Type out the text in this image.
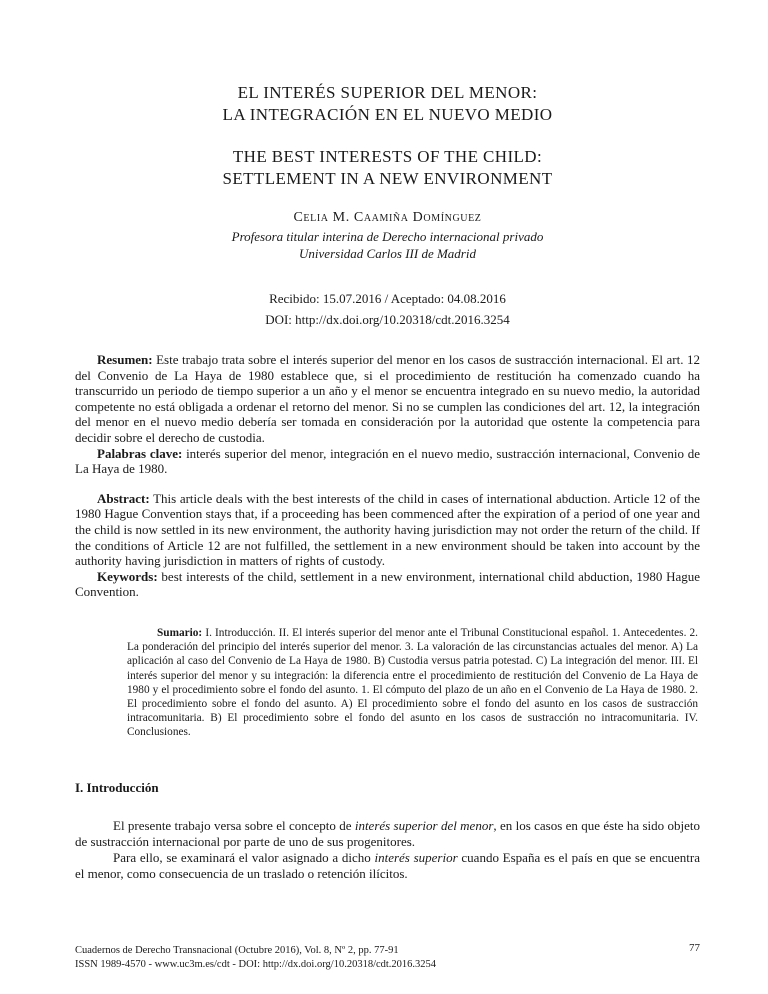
EL INTERÉS SUPERIOR DEL MENOR:
LA INTEGRACIÓN EN EL NUEVO MEDIO
THE BEST INTERESTS OF THE CHILD:
SETTLEMENT IN A NEW ENVIRONMENT
Celia M. Caamiña Domínguez
Profesora titular interina de Derecho internacional privado
Universidad Carlos III de Madrid
Recibido: 15.07.2016 / Aceptado: 04.08.2016
DOI: http://dx.doi.org/10.20318/cdt.2016.3254

Resumen: Este trabajo trata sobre el interés superior del menor en los casos de sustracción internacional. El art. 12 del Convenio de La Haya de 1980 establece que, si el procedimiento de restitución ha comenzado cuando ha transcurrido un periodo de tiempo superior a un año y el menor se encuentra integrado en su nuevo medio, la autoridad competente no está obligada a ordenar el retorno del menor. Si no se cumplen las condiciones del art. 12, la integración del menor en el nuevo medio debería ser tomada en consideración por la autoridad que ostente la competencia para decidir sobre el derecho de custodia.

Palabras clave: interés superior del menor, integración en el nuevo medio, sustracción internacional, Convenio de La Haya de 1980.

Abstract: This article deals with the best interests of the child in cases of international abduction. Article 12 of the 1980 Hague Convention stays that, if a proceeding has been commenced after the expiration of a period of one year and the child is now settled in its new environment, the authority having jurisdiction may not order the return of the child. If the conditions of Article 12 are not fulfilled, the settlement in a new environment should be taken into account by the authority having jurisdiction in matters of rights of custody.

Keywords: best interests of the child, settlement in a new environment, international child abduction, 1980 Hague Convention.

Sumario: I. Introducción. II. El interés superior del menor ante el Tribunal Constitucional español. 1. Antecedentes. 2. La ponderación del principio del interés superior del menor. 3. La valoración de las circunstancias actuales del menor. A) La aplicación al caso del Convenio de La Haya de 1980. B) Custodia versus patria potestad. C) La integración del menor. III. El interés superior del menor y su integración: la diferencia entre el procedimiento de restitución del Convenio de La Haya de 1980 y el procedimiento sobre el fondo del asunto. 1. El cómputo del plazo de un año en el Convenio de La Haya de 1980. 2. El procedimiento sobre el fondo del asunto. A) El procedimiento sobre el fondo del asunto en los casos de sustracción intracomunitaria. B) El procedimiento sobre el fondo del asunto en los casos de sustracción no intracomunitaria. IV. Conclusiones.
I. Introducción

El presente trabajo versa sobre el concepto de interés superior del menor, en los casos en que éste ha sido objeto de sustracción internacional por parte de uno de sus progenitores.

Para ello, se examinará el valor asignado a dicho interés superior cuando España es el país en que se encuentra el menor, como consecuencia de un traslado o retención ilícitos.

Cuadernos de Derecho Transnacional (Octubre 2016), Vol. 8, Nº 2, pp. 77-91
ISSN 1989-4570 - www.uc3m.es/cdt - DOI: http://dx.doi.org/10.20318/cdt.2016.3254
77
